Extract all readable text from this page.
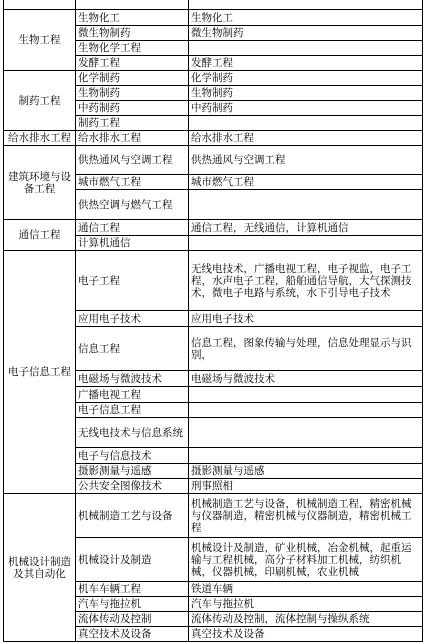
生物工程	生物化工	生物化工
	微生物制药	微生物制药
	生物化学工程	
	发酵工程	发酵工程
制药工程	化学制药	化学制药
	生物制药	生物制药
	中药制药	中药制药
	制药工程	
给水排水工程	给水排水工程	给水排水工程
建筑环境与设备工程	供热通风与空调工程	供热通风与空调工程
	城市燃气工程	城市燃气工程
	供热空调与燃气工程	
通信工程	通信工程	通信工程，无线通信，计算机通信
	计算机通信	
电子信息工程	电子工程	无线电技术，广播电视工程，电子视监，电子工程，水声电子工程，船舶通信导航，大气探测技术，微电子电路与系统，水下引导电子技术
	应用电子技术	应用电子技术
	信息工程	信息工程，图象传输与处理，信息处理显示与识别，
	电磁场与微波技术	电磁场与微波技术
	广播电视工程	
	电子信息工程	
	无线电技术与信息系统	
	电子与信息技术	
	摄影测量与遥感	摄影测量与遥感
	公共安全图像技术	刑事照相
机械设计制造及其自动化	机械制造工艺与设备	机械制造工艺与设备，机械制造工程，精密机械与仪器制造，精密机械与仪器制造，精密机械工程
	机械设计及制造	机械设计及制造，矿业机械，冶金机械，起重运输与工程机械，高分子材料加工机械，纺织机械，仪器机械，印刷机械，农业机械
	机车车辆工程	铁道车辆
	汽车与拖拉机	汽车与拖拉机
	流体传动及控制	流体传动及控制，流体控制与操纵系统
	真空技术及设备	真空技术及设备
